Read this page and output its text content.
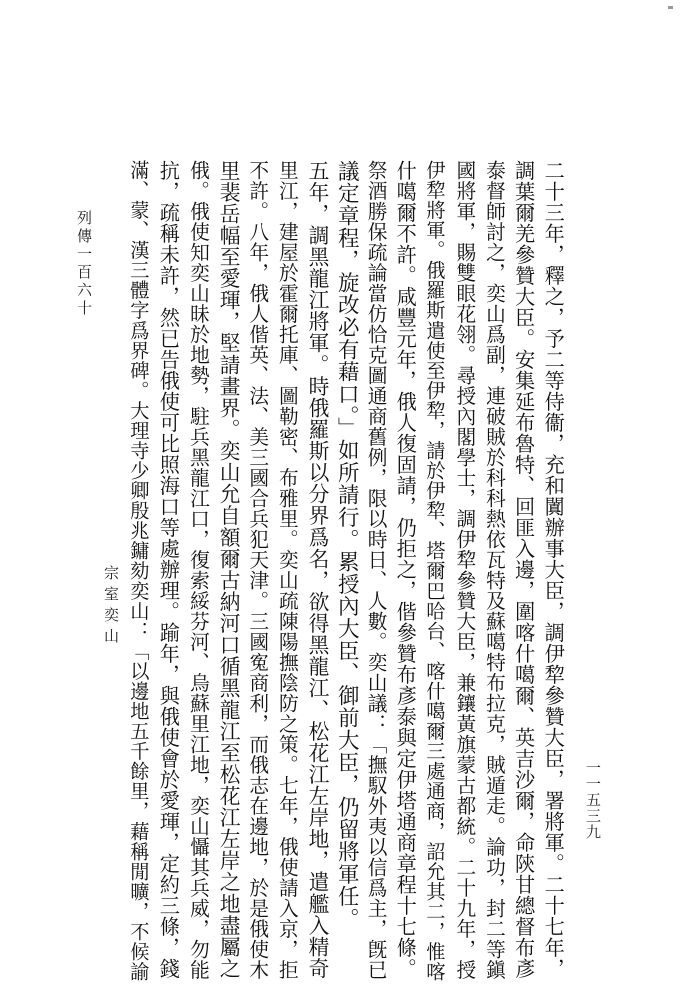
二十三年，釋之，予二等侍衞，充和闐辦事大臣，調伊犂參贊大臣，署將軍。二十七年，
調葉爾羌參贊大臣。安集延布魯特、回匪入邊，圍喀什噶爾、英吉沙爾，命陝甘總督布彥
泰督師討之，奕山爲副，連破賊於科科熱依瓦特及蘇噶特布拉克，賊遁走。論功，封二等鎭
國將軍，賜雙眼花翎。尋授內閣學士，調伊犂參贊大臣，兼鑲黃旗蒙古都統。二十九年，授
伊犂將軍。俄羅斯遣使至伊犂，請於伊犂、塔爾巴哈台、喀什噶爾三處通商，詔允其二，惟喀
什噶爾不許。咸豐元年，俄人復固請，仍拒之，偕參贊布彥泰與定伊塔通商章程十七條。
祭酒勝保疏論當仿恰克圖通商舊例，限以時日、人數。奕山議：「撫馭外夷以信爲主，旣已
議定章程，旋改必有藉口。」如所請行。累授內大臣、御前大臣，仍留將軍任。
五年，調黑龍江將軍。時俄羅斯以分界爲名，欲得黑龍江、松花江左岸地，遣艦入精奇
里江，建屋於霍爾托庫、圖勒密、布雅里。奕山疏陳陽撫陰防之策。七年，俄使請入京，拒
不許。八年，俄人偕英、法、美三國合兵犯天津。三國寃商利，而俄志在邊地，於是俄使木
里裴岳幅至愛琿，堅請畫界。奕山允自額爾古納河口循黑龍江至松花江左岸之地盡屬之
俄。俄使知奕山昧於地勢，駐兵黑龍江口，復索綏芬河、烏蘇里江地，奕山懾其兵威，勿能
抗，疏稱未許，然已告俄使可比照海口等處辦理。踰年，與俄使會於愛琿，定約三條，錢
滿、蒙、漢三體字爲界碑。大理寺少卿殷兆鏞劾奕山：「以邊地五千餘里，藉稱閒曠，不候諭
列傳一百六十
宗室奕山
一一五三九
